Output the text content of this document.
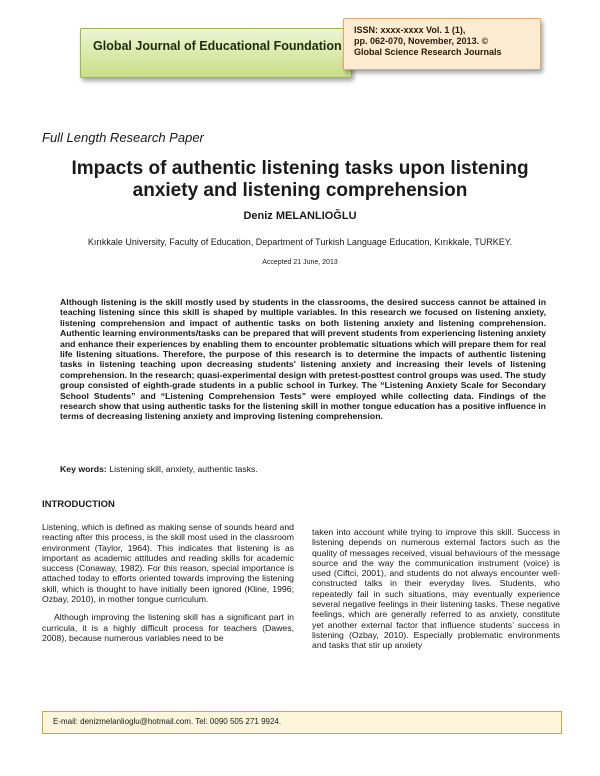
Global Journal of Educational Foundation
ISSN: xxxx-xxxx Vol. 1 (1),
pp. 062-070, November, 2013. ©
Global Science Research Journals
Full Length Research Paper
Impacts of authentic listening tasks upon listening anxiety and listening comprehension
Deniz MELANLIOĞLU
Kırıkkale University, Faculty of Education, Department of Turkish Language Education, Kırıkkale, TURKEY.
Accepted 21 June, 2013
Although listening is the skill mostly used by students in the classrooms, the desired success cannot be attained in teaching listening since this skill is shaped by multiple variables. In this research we focused on listening anxiety, listening comprehension and impact of authentic tasks on both listening anxiety and listening comprehension. Authentic learning environments/tasks can be prepared that will prevent students from experiencing listening anxiety and enhance their experiences by enabling them to encounter problematic situations which will prepare them for real life listening situations. Therefore, the purpose of this research is to determine the impacts of authentic listening tasks in listening teaching upon decreasing students' listening anxiety and increasing their levels of listening comprehension. In the research; quasi-experimental design with pretest-posttest control groups was used. The study group consisted of eighth-grade students in a public school in Turkey. The “Listening Anxiety Scale for Secondary School Students” and “Listening Comprehension Tests” were employed while collecting data. Findings of the research show that using authentic tasks for the listening skill in mother tongue education has a positive influence in terms of decreasing listening anxiety and improving listening comprehension.
Key words: Listening skill, anxiety, authentic tasks.
INTRODUCTION

Listening, which is defined as making sense of sounds heard and reacting after this process, is the skill most used in the classroom environment (Taylor, 1964). This indicates that listening is as important as academic attitudes and reading skills for academic success (Conaway, 1982). For this reason, special importance is attached today to efforts oriented towards improving the listening skill, which is thought to have initially been ignored (Kline, 1996; Ozbay, 2010), in mother tongue curriculum.

Although improving the listening skill has a significant part in curricula, it is a highly difficult process for teachers (Dawes, 2008), because numerous variables need to be

taken into account while trying to improve this skill. Success in listening depends on numerous external factors such as the quality of messages received, visual behaviours of the message source and the way the communication instrument (voice) is used (Ciftci, 2001), and students do not always encounter well-constructed talks in their everyday lives. Students, who repeatedly fail in such situations, may eventually experience several negative feelings in their listening tasks. These negative feelings, which are generally referred to as anxiety, constitute yet another external factor that influence students’ success in listening (Ozbay, 2010). Especially problematic environments and tasks that stir up anxiety

E-mail: denizmelanlioglu@hotmail.com. Tel: 0090 505 271 9924.
